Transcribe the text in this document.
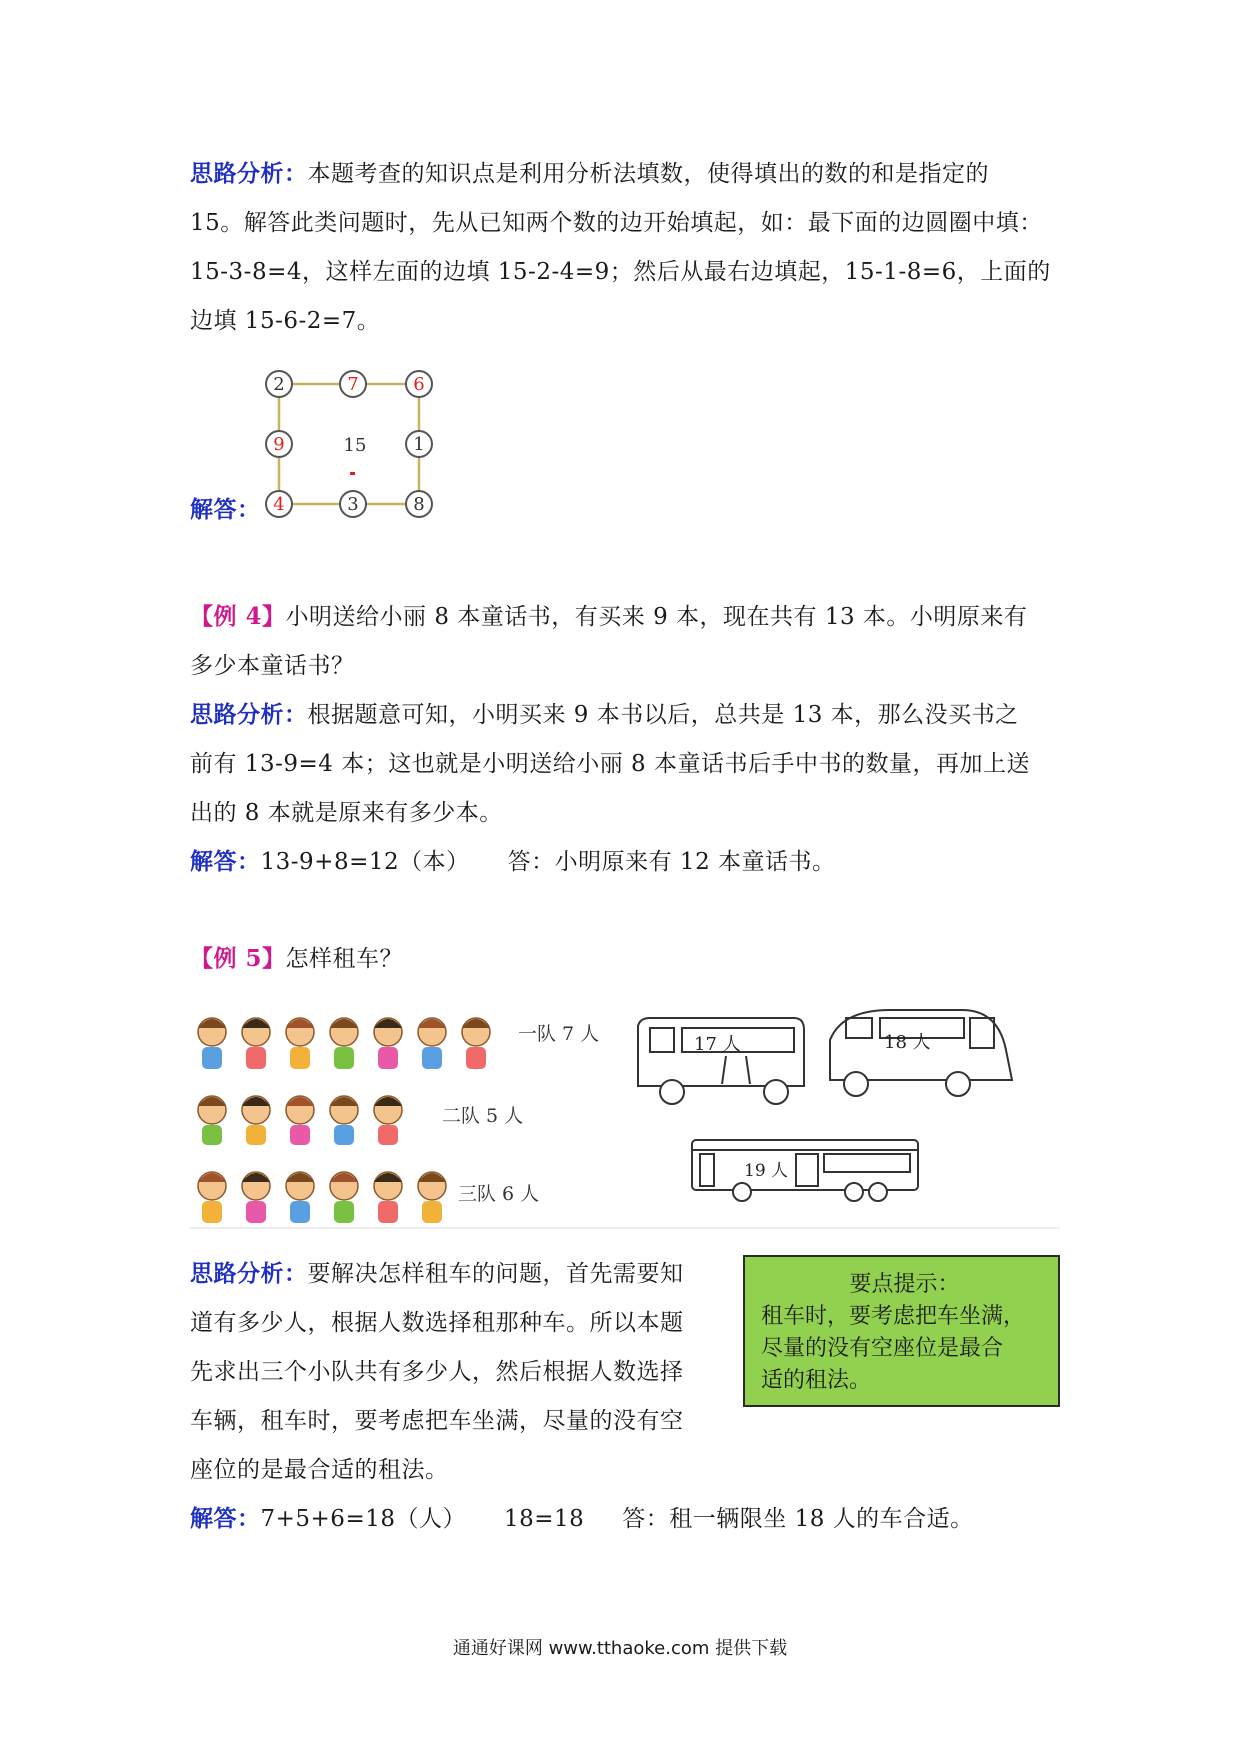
思路分析：本题考查的知识点是利用分析法填数，使得填出的数的和是指定的
15。解答此类问题时，先从已知两个数的边开始填起，如：最下面的边圆圈中填：
15-3-8=4，这样左面的边填 15-2-4=9；然后从最右边填起，15-1-8=6，上面的
边填 15-6-2=7。
解答：
2	7	6
9	1
4	3	8
15
【例 4】小明送给小丽 8 本童话书，有买来 9 本，现在共有 13 本。小明原来有
多少本童话书？
思路分析：根据题意可知，小明买来 9 本书以后，总共是 13 本，那么没买书之
前有 13-9=4 本；这也就是小明送给小丽 8 本童话书后手中书的数量，再加上送
出的 8 本就是原来有多少本。
解答：13-9+8=12（本） 答：小明原来有 12 本童话书。
【例 5】怎样租车？
一队 7 人
二队 5 人
三队 6 人
17 人	18 人
19 人
思路分析：要解决怎样租车的问题，首先需要知
道有多少人，根据人数选择租那种车。所以本题
先求出三个小队共有多少人，然后根据人数选择
车辆，租车时，要考虑把车坐满，尽量的没有空
座位的是最合适的租法。
要点提示：
租车时，要考虑把车坐满，
尽量的没有空座位是最合
适的租法。
解答：7+5+6=18（人） 18=18 答：租一辆限坐 18 人的车合适。
通通好课网 www.tthaoke.com 提供下载
